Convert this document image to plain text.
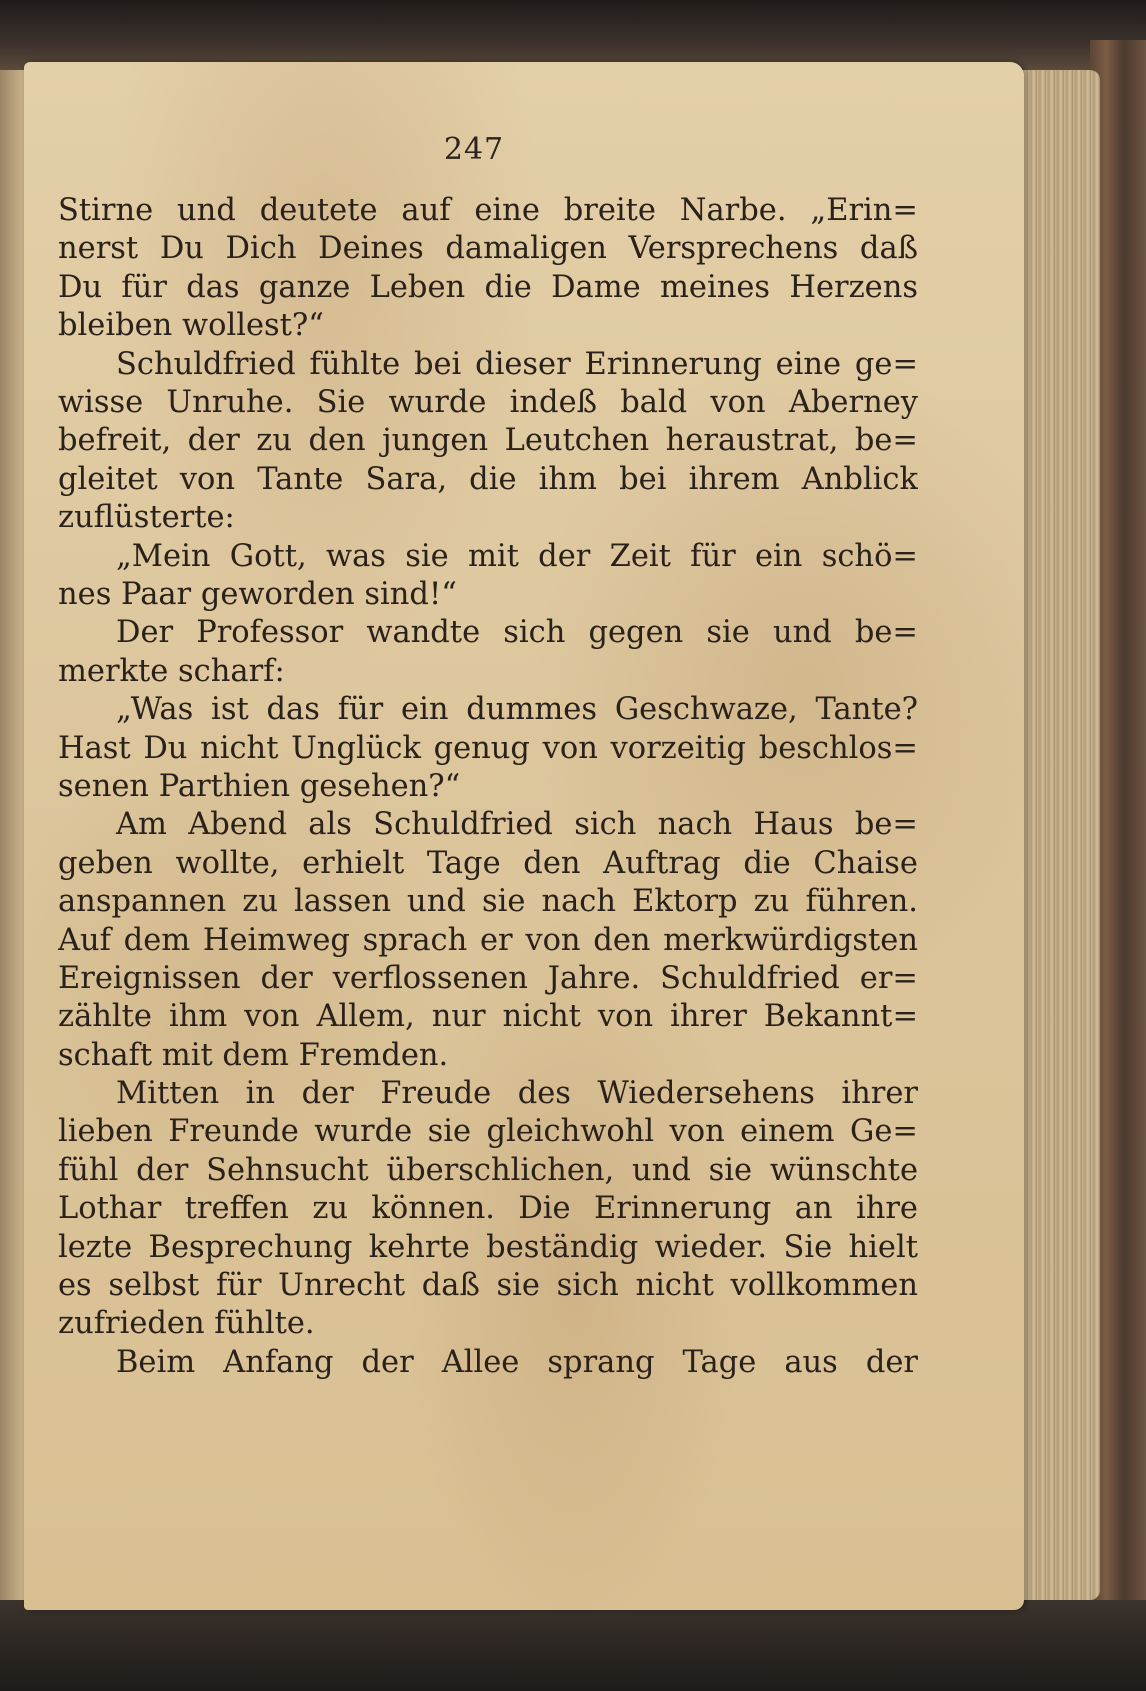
247
Stirne und deutete auf eine breite Narbe. „Erin=
nerst Du Dich Deines damaligen Versprechens daß
Du für das ganze Leben die Dame meines Herzens
bleiben wollest?“
Schuldfried fühlte bei dieser Erinnerung eine ge=
wisse Unruhe. Sie wurde indeß bald von Aberney
befreit, der zu den jungen Leutchen heraustrat, be=
gleitet von Tante Sara, die ihm bei ihrem Anblick
zuflüsterte:
„Mein Gott, was sie mit der Zeit für ein schö=
nes Paar geworden sind!“
Der Professor wandte sich gegen sie und be=
merkte scharf:
„Was ist das für ein dummes Geschwaze, Tante?
Hast Du nicht Unglück genug von vorzeitig beschlos=
senen Parthien gesehen?“
Am Abend als Schuldfried sich nach Haus be=
geben wollte, erhielt Tage den Auftrag die Chaise
anspannen zu lassen und sie nach Ektorp zu führen.
Auf dem Heimweg sprach er von den merkwürdigsten
Ereignissen der verflossenen Jahre. Schuldfried er=
zählte ihm von Allem, nur nicht von ihrer Bekannt=
schaft mit dem Fremden.
Mitten in der Freude des Wiedersehens ihrer
lieben Freunde wurde sie gleichwohl von einem Ge=
fühl der Sehnsucht überschlichen, und sie wünschte
Lothar treffen zu können. Die Erinnerung an ihre
lezte Besprechung kehrte beständig wieder. Sie hielt
es selbst für Unrecht daß sie sich nicht vollkommen
zufrieden fühlte.
Beim Anfang der Allee sprang Tage aus der
